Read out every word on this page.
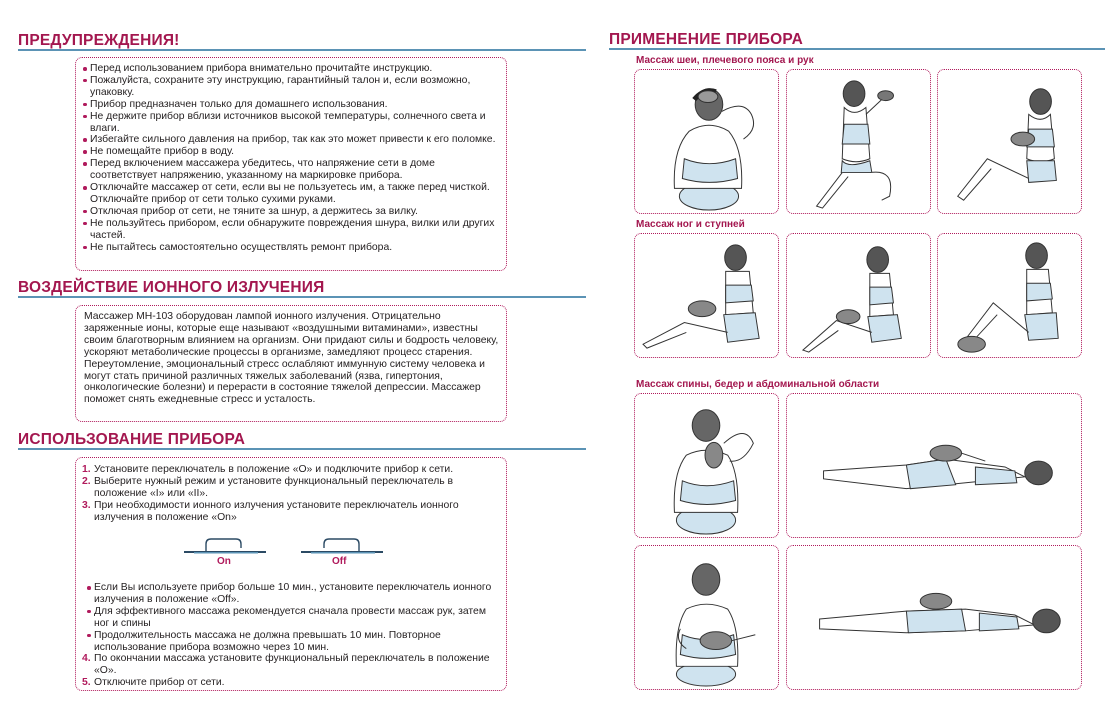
ПРЕДУПРЕЖДЕНИЯ!
Перед использованием прибора внимательно прочитайте инструкцию.
Пожалуйста, сохраните эту инструкцию, гарантийный талон и, если возможно, упаковку.
Прибор предназначен только для домашнего использования.
Не держите прибор вблизи источников высокой температуры, солнечного света и влаги.
Избегайте сильного давления на прибор, так как это может привести к его поломке.
Не помещайте прибор в воду.
Перед включением массажера убедитесь, что напряжение сети в доме соответствует напряжению, указанному на маркировке прибора.
Отключайте массажер от сети, если вы не пользуетесь им, а также перед чисткой. Отключайте прибор от сети только сухими руками.
Отключая прибор от сети, не тяните за шнур, а держитесь за вилку.
Не пользуйтесь прибором, если обнаружите повреждения шнура, вилки или других частей.
Не пытайтесь самостоятельно осуществлять ремонт прибора.
ВОЗДЕЙСТВИЕ ИОННОГО ИЗЛУЧЕНИЯ
Массажер МН-103 оборудован лампой ионного излучения. Отрицательно заряженные ионы, которые еще называют «воздушными витаминами», известны своим благотворным влиянием на организм. Они придают силы и бодрость человеку, ускоряют метаболические процессы в организме, замедляют процесс старения.
Переутомление, эмоциональный стресс ослабляют иммунную систему человека и могут стать причиной различных тяжелых заболеваний (язва, гипертония, онкологические болезни) и перерасти в состояние тяжелой депрессии. Массажер поможет снять ежедневные стресс и усталость.
ИСПОЛЬЗОВАНИЕ ПРИБОРА
1. Установите переключатель в положение «O» и подключите прибор к сети.
2. Выберите нужный режим и установите функциональный переключатель в положение «I» или «II».
3. При необходимости ионного излучения установите переключатель ионного излучения в положение «On»
On	Off
Если Вы используете прибор больше 10 мин., установите переключатель ионного излучения в положение «Off».
Для эффективного массажа рекомендуется сначала провести массаж рук, затем ног и спины
Продолжительность массажа не должна превышать 10 мин. Повторное использование прибора возможно через 10 мин.
4. По окончании массажа установите функциональный переключатель в положение «O».
5. Отключите прибор от сети.
ПРИМЕНЕНИЕ ПРИБОРА
Массаж шеи, плечевого пояса и рук
Массаж ног и ступней
Массаж спины, бедер и абдоминальной области
